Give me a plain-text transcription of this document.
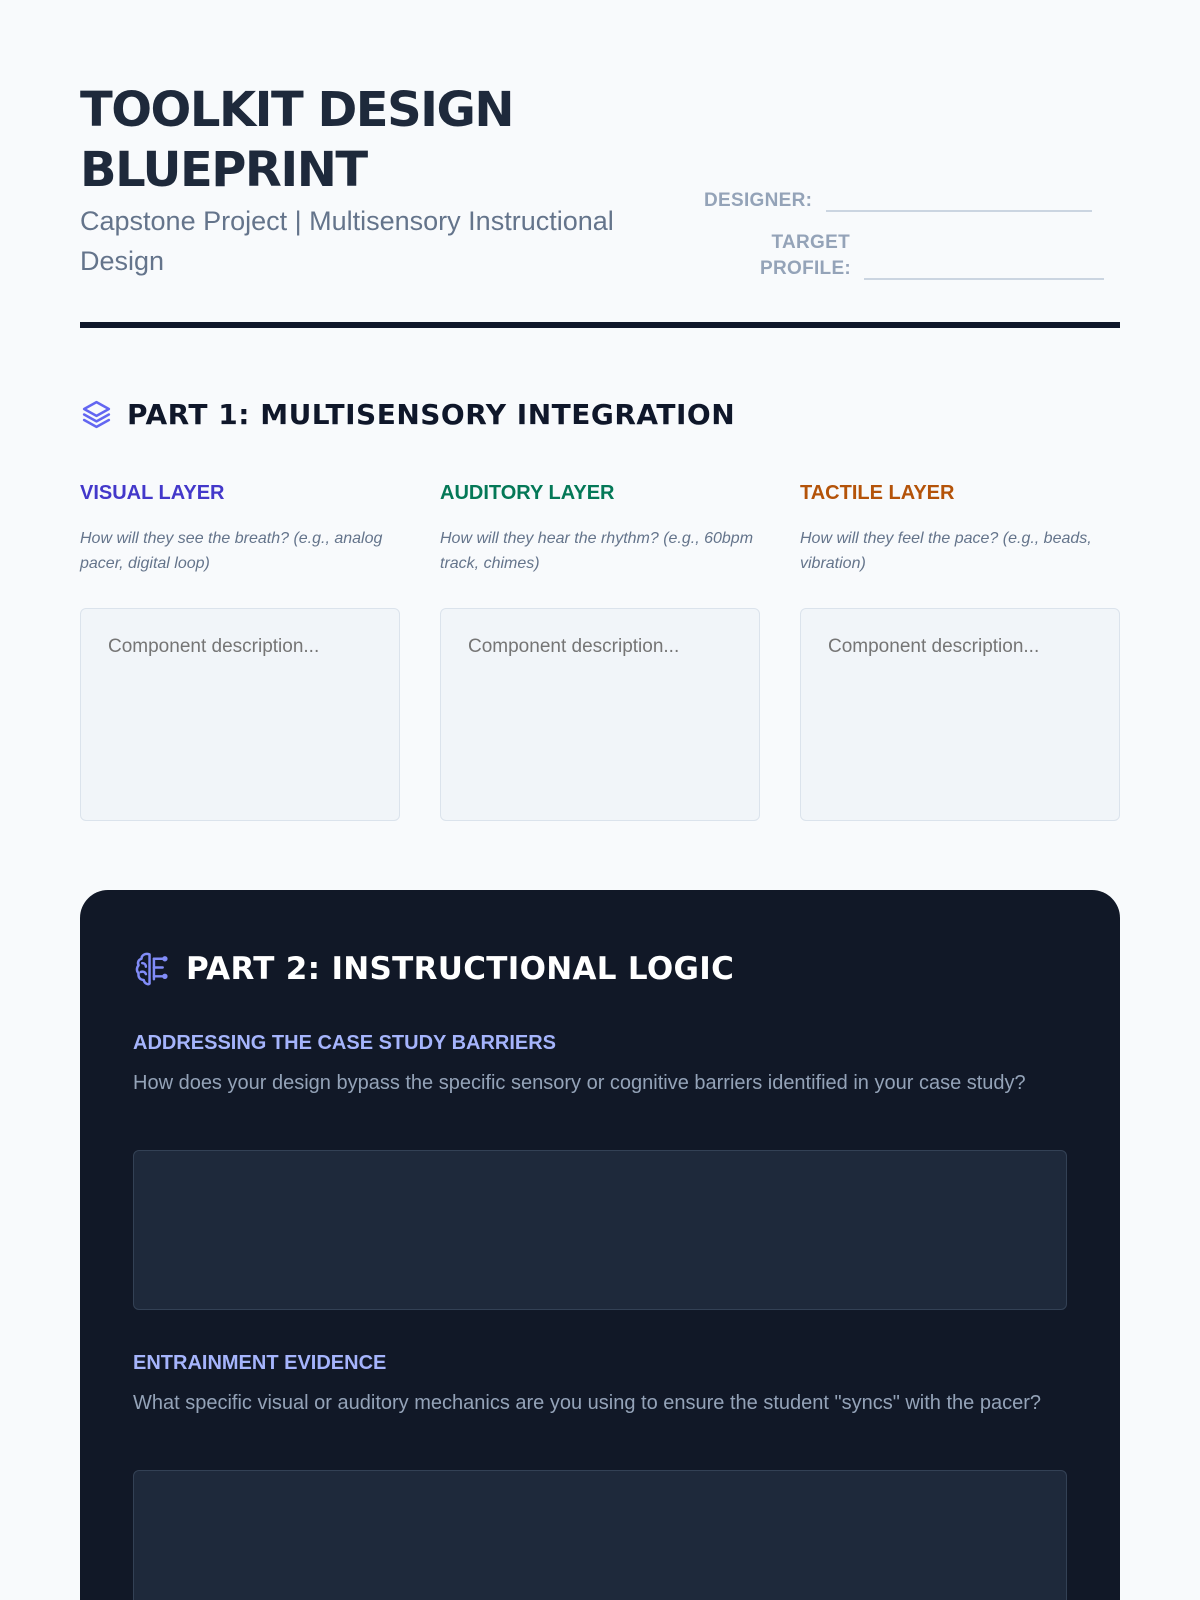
TOOLKIT DESIGN BLUEPRINT

Capstone Project | Multisensory Instructional Design

DESIGNER:
TARGET PROFILE:
PART 1: MULTISENSORY INTEGRATION
VISUAL LAYER
How will they see the breath? (e.g., analog pacer, digital loop)
Component description...
AUDITORY LAYER
How will they hear the rhythm? (e.g., 60bpm track, chimes)
Component description...
TACTILE LAYER
How will they feel the pace? (e.g., beads, vibration)
Component description...
PART 2: INSTRUCTIONAL LOGIC
ADDRESSING THE CASE STUDY BARRIERS
How does your design bypass the specific sensory or cognitive barriers identified in your case study?
ENTRAINMENT EVIDENCE
What specific visual or auditory mechanics are you using to ensure the student "syncs" with the pacer?
